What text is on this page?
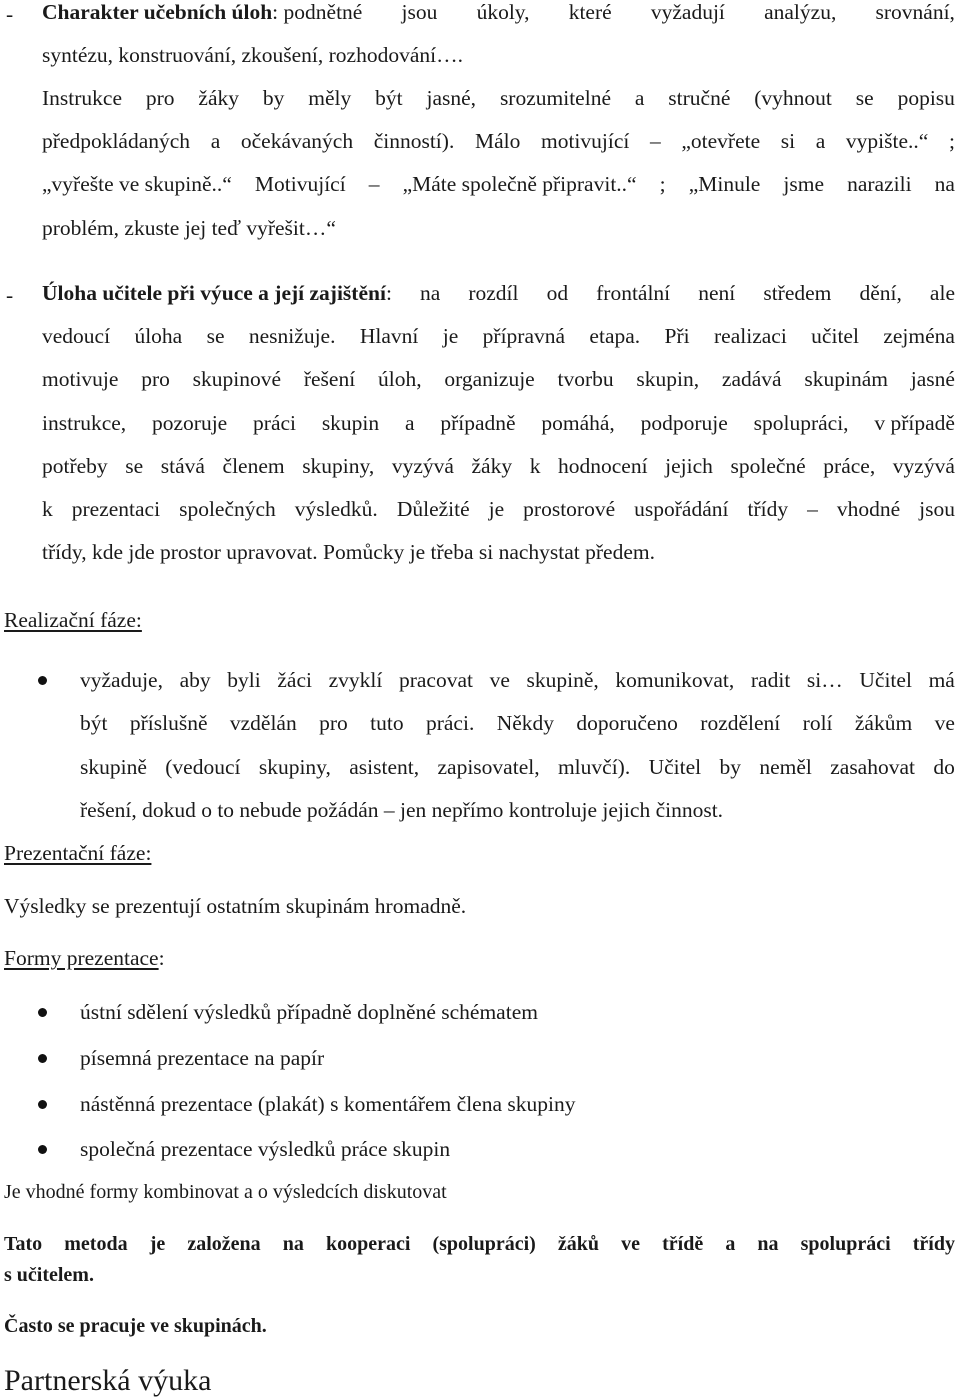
- Charakter učebních úloh: podnětné jsou úkoly, které vyžadují analýzu, srovnání,
syntézu, konstruování, zkoušení, rozhodování….
Instrukce pro žáky by měly být jasné, srozumitelné a stručné (vyhnout se popisu
předpokládaných a očekávaných činností). Málo motivující – „otevřete si a vypište..“ ;
„vyřešte ve skupině..“ Motivující – „Máte společně připravit..“ ; „Minule jsme narazili na
problém, zkuste jej teď vyřešit…“
- Úloha učitele při výuce a její zajištění: na rozdíl od frontální není středem dění, ale
vedoucí úloha se nesnižuje. Hlavní je přípravná etapa. Při realizaci učitel zejména
motivuje pro skupinové řešení úloh, organizuje tvorbu skupin, zadává skupinám jasné
instrukce, pozoruje práci skupin a případně pomáhá, podporuje spolupráci, v případě
potřeby se stává členem skupiny, vyzývá žáky k hodnocení jejich společné práce, vyzývá
k prezentaci společných výsledků. Důležité je prostorové uspořádání třídy – vhodné jsou
třídy, kde jde prostor upravovat. Pomůcky je třeba si nachystat předem.
Realizační fáze:
vyžaduje, aby byli žáci zvyklí pracovat ve skupině, komunikovat, radit si… Učitel má
být příslušně vzdělán pro tuto práci. Někdy doporučeno rozdělení rolí žákům ve
skupině (vedoucí skupiny, asistent, zapisovatel, mluvčí). Učitel by neměl zasahovat do
řešení, dokud o to nebude požádán – jen nepřímo kontroluje jejich činnost.
Prezentační fáze:
Výsledky se prezentují ostatním skupinám hromadně.
Formy prezentace:
ústní sdělení výsledků případně doplněné schématem
písemná prezentace na papír
nástěnná prezentace (plakát) s komentářem člena skupiny
společná prezentace výsledků práce skupin
Je vhodné formy kombinovat a o výsledcích diskutovat
Tato metoda je založena na kooperaci (spolupráci) žáků ve třídě a na spolupráci třídy
s učitelem.
Často se pracuje ve skupinách.
Partnerská výuka
